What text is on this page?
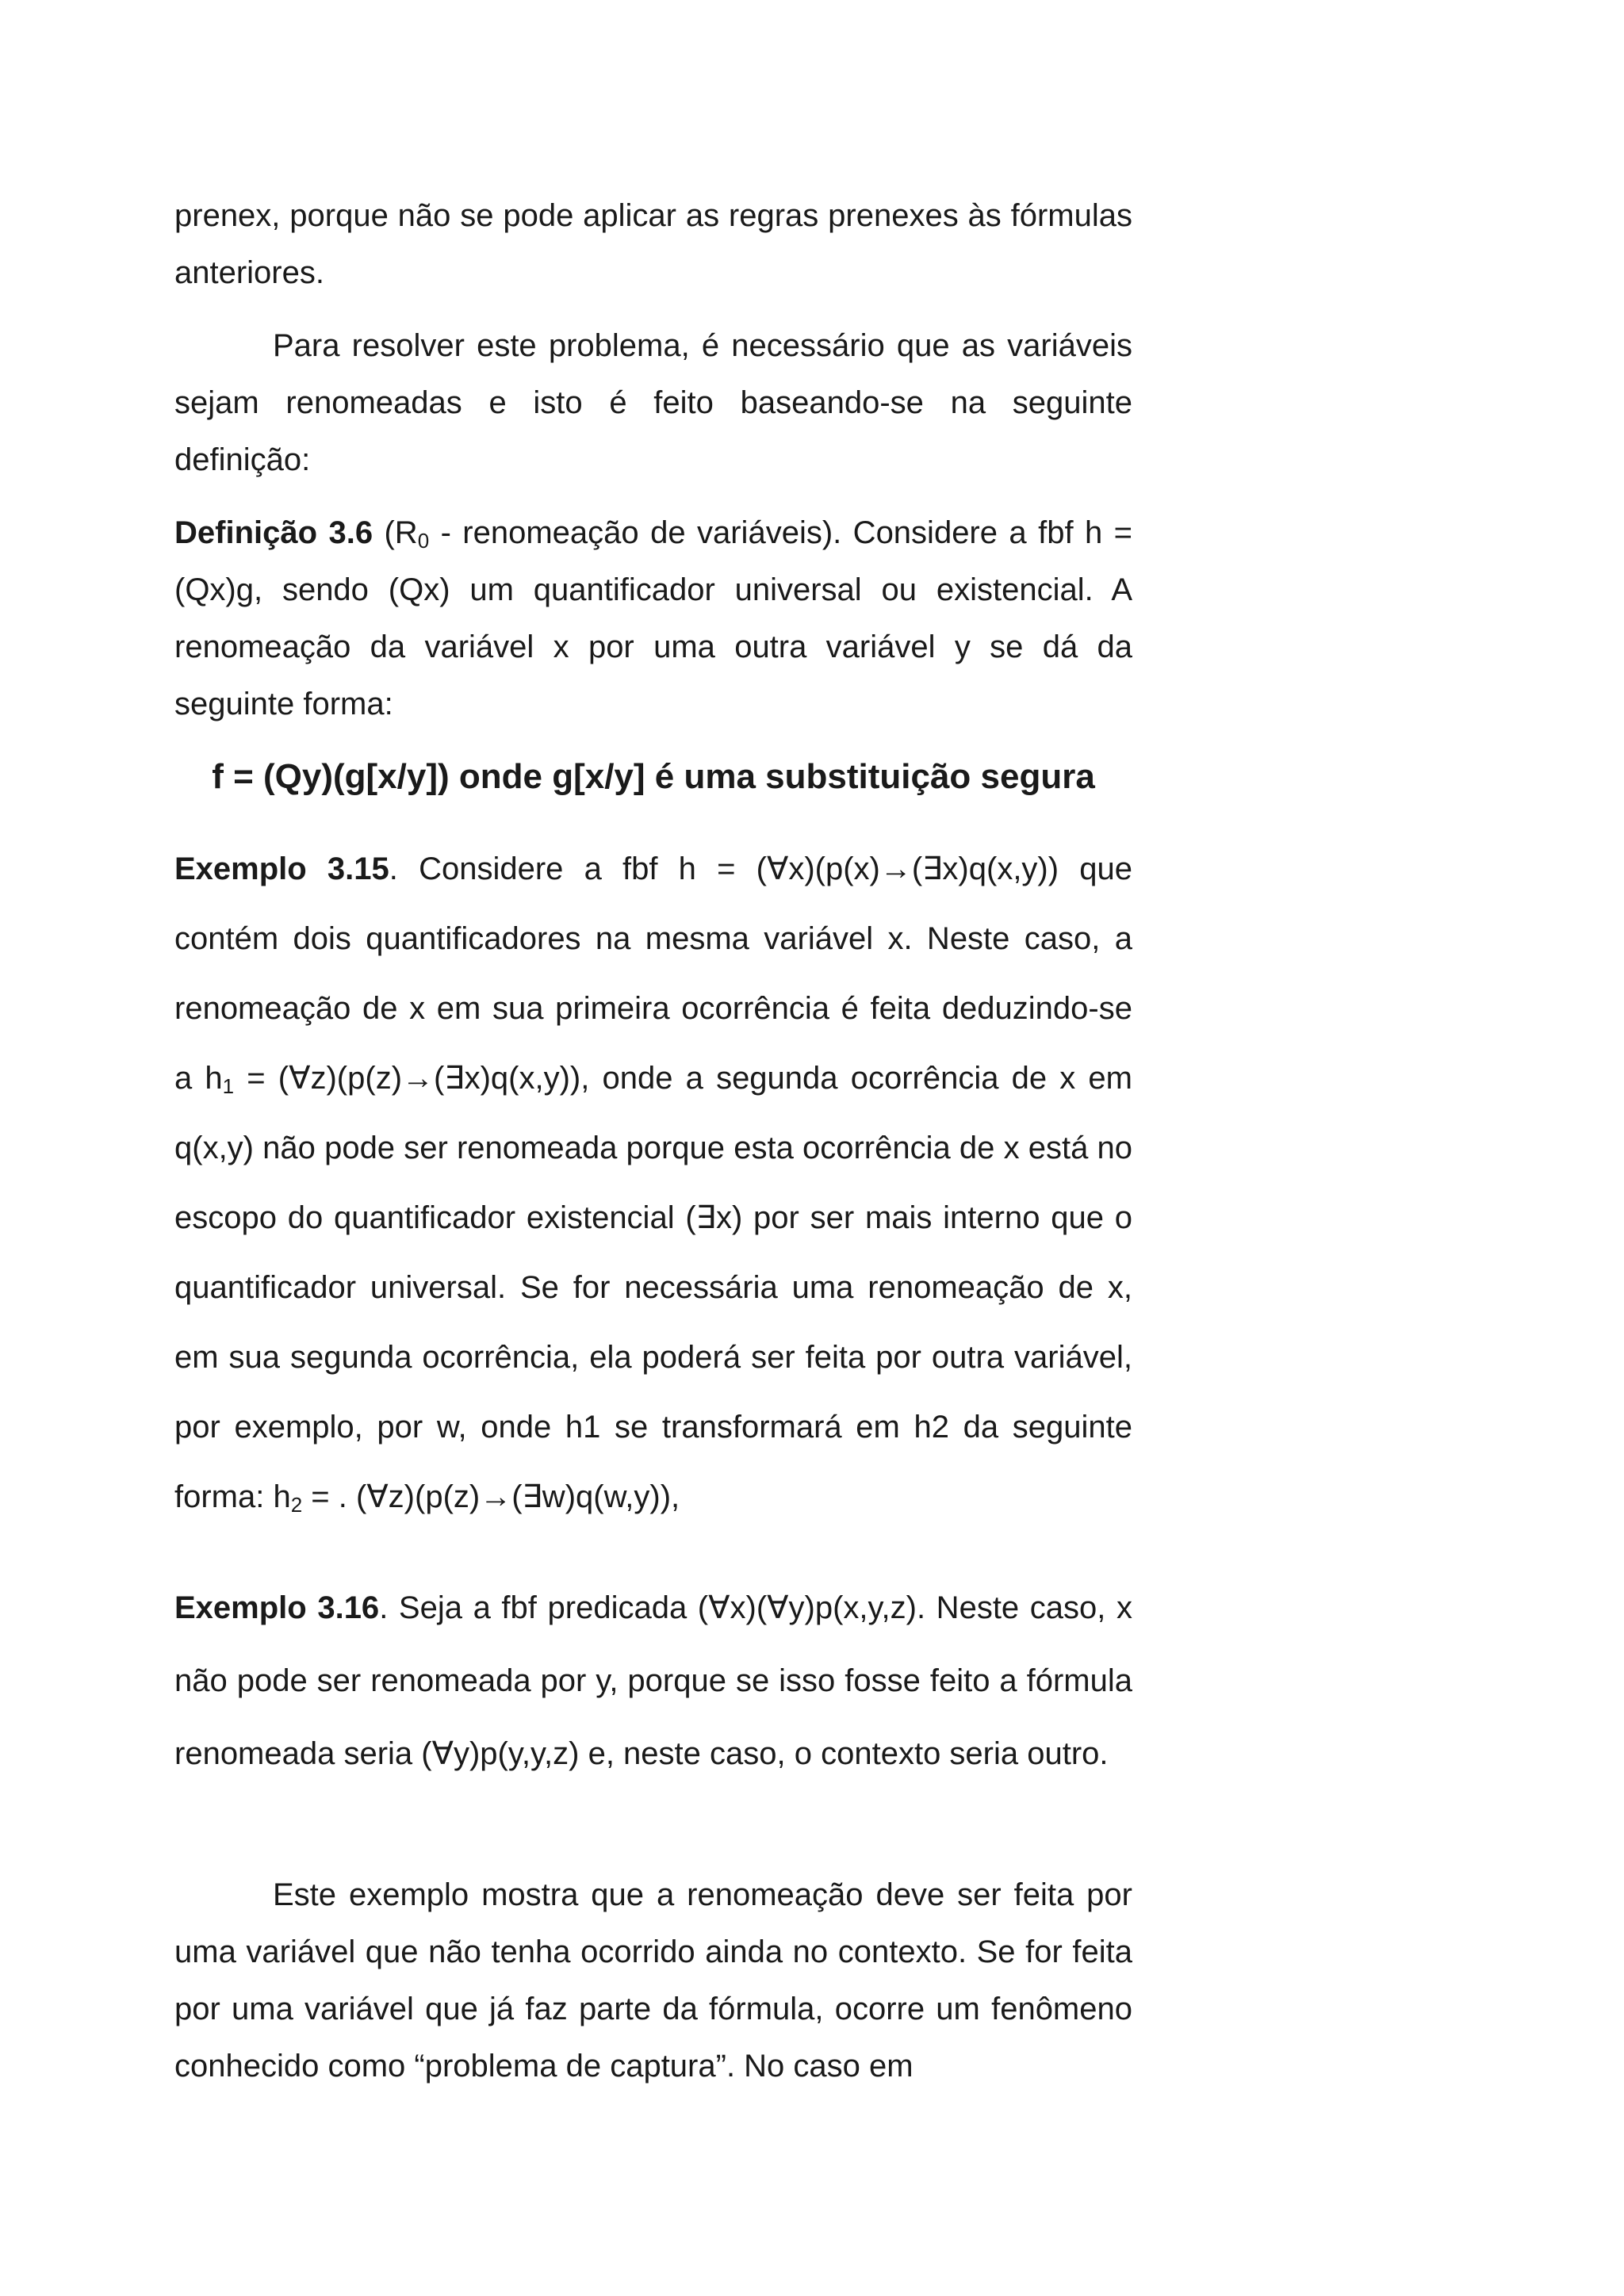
prenex, porque não se pode aplicar as regras prenexes às fórmulas anteriores.

Para resolver este problema, é necessário que as variáveis sejam renomeadas e isto é feito baseando-se na seguinte definição:

Definição 3.6 ($R_0$ - renomeação de variáveis). Considere a fbf h = (Qx)g, sendo (Qx) um quantificador universal ou existencial. A renomeação da variável x por uma outra variável y se dá da seguinte forma:

f = (Qy)(g[x/y]) onde g[x/y] é uma substituição segura

Exemplo 3.15. Considere a fbf h = (∀x)(p(x)→(∃x)q(x,y)) que contém dois quantificadores na mesma variável x. Neste caso, a renomeação de x em sua primeira ocorrência é feita deduzindo-se a $h_1$ = (∀z)(p(z)→(∃x)q(x,y)), onde a segunda ocorrência de x em q(x,y) não pode ser renomeada porque esta ocorrência de x está no escopo do quantificador existencial (∃x) por ser mais interno que o quantificador universal. Se for necessária uma renomeação de x, em sua segunda ocorrência, ela poderá ser feita por outra variável, por exemplo, por w, onde h1 se transformará em h2 da seguinte forma: $h_2$ = . (∀z)(p(z)→(∃w)q(w,y)),

Exemplo 3.16. Seja a fbf predicada (∀x)(∀y)p(x,y,z). Neste caso, x não pode ser renomeada por y, porque se isso fosse feito a fórmula renomeada seria (∀y)p(y,y,z) e, neste caso, o contexto seria outro.

Este exemplo mostra que a renomeação deve ser feita por uma variável que não tenha ocorrido ainda no contexto. Se for feita por uma variável que já faz parte da fórmula, ocorre um fenômeno conhecido como “problema de captura”. No caso em
